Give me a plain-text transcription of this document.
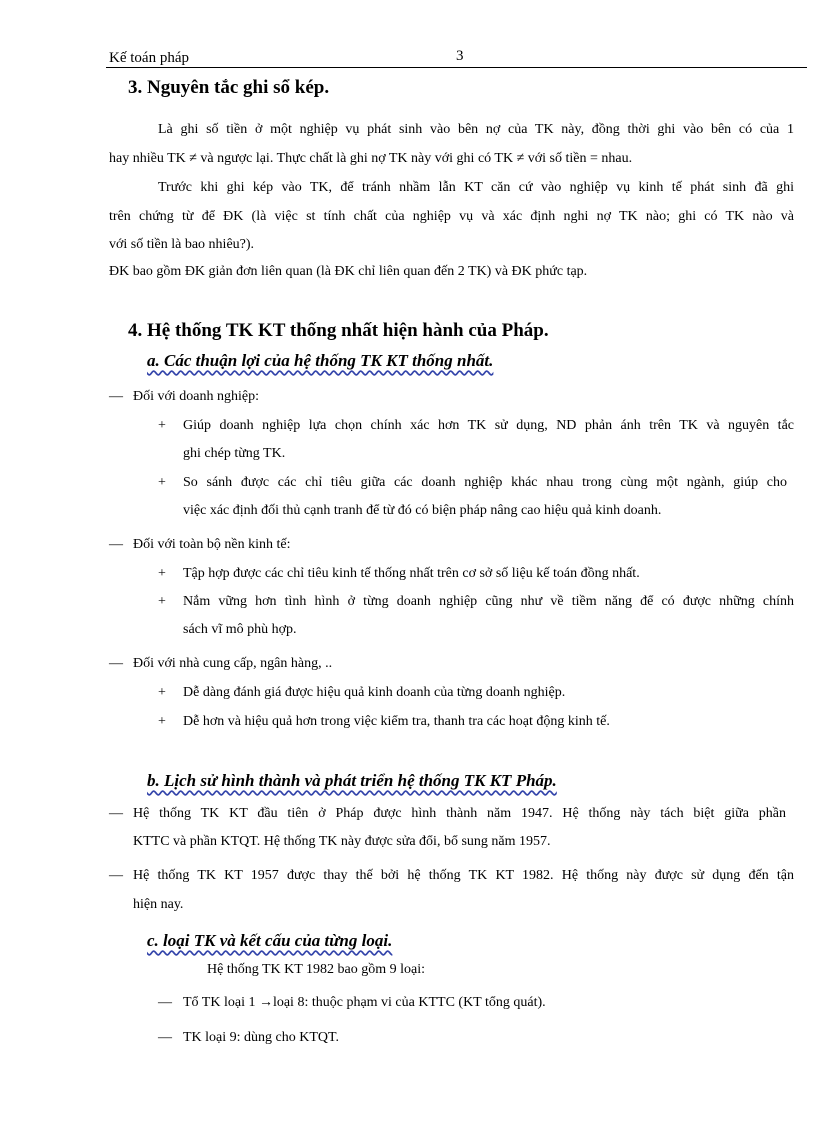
Kế toán pháp	3
3. Nguyên tắc ghi sổ kép.
Là ghi số tiền ở một nghiệp vụ phát sinh vào bên nợ của TK này, đồng thời ghi vào bên có của 1
hay nhiều TK ≠ và ngược lại. Thực chất là ghi nợ TK này với ghi có TK ≠ với số tiền = nhau.
Trước khi ghi kép vào TK, để tránh nhầm lẫn KT căn cứ vào nghiệp vụ kinh tế phát sinh đã ghi
trên chứng từ để ĐK (là việc st tính chất của nghiệp vụ và xác định nghi nợ TK nào; ghi có TK nào và
với số tiền là bao nhiêu?).
ĐK bao gồm ĐK giản đơn liên quan (là ĐK chỉ liên quan đến 2 TK) và ĐK phức tạp.
4. Hệ thống TK KT thống nhất hiện hành của Pháp.
a. Các thuận lợi của hệ thống TK KT thống nhất.
— Đối với doanh nghiệp:
+ Giúp doanh nghiệp lựa chọn chính xác hơn TK sử dụng, ND phản ánh trên TK và nguyên tắc
ghi chép từng TK.
+ So sánh được các chỉ tiêu giữa các doanh nghiệp khác nhau trong cùng một ngành, giúp cho
việc xác định đối thủ cạnh tranh để từ đó có biện pháp nâng cao hiệu quả kinh doanh.
— Đối với toàn bộ nền kinh tế:
+ Tập hợp được các chỉ tiêu kinh tế thống nhất trên cơ sở số liệu kế toán đồng nhất.
+ Nắm vững hơn tình hình ở từng doanh nghiệp cũng như về tiềm năng để có được những chính
sách vĩ mô phù hợp.
— Đối với nhà cung cấp, ngân hàng, ..
+ Dễ dàng đánh giá được hiệu quả kinh doanh của từng doanh nghiệp.
+ Dễ hơn và hiệu quả hơn trong việc kiểm tra, thanh tra các hoạt động kinh tế.
b. Lịch sử hình thành và phát triển hệ thống TK KT Pháp.
— Hệ thống TK KT đầu tiên ở Pháp được hình thành năm 1947. Hệ thống này tách biệt giữa phần
KTTC và phần KTQT. Hệ thống TK này được sửa đổi, bổ sung năm 1957.
— Hệ thống TK KT 1957 được thay thế bởi hệ thống TK KT 1982. Hệ thống này được sử dụng đến tận
hiện nay.
c. loại TK và kết cấu của từng loại.
Hệ thống TK KT 1982 bao gồm 9 loại:
— Tổ TK loại 1 →loại 8: thuộc phạm vi của KTTC (KT tổng quát).
— TK loại 9: dùng cho KTQT.
